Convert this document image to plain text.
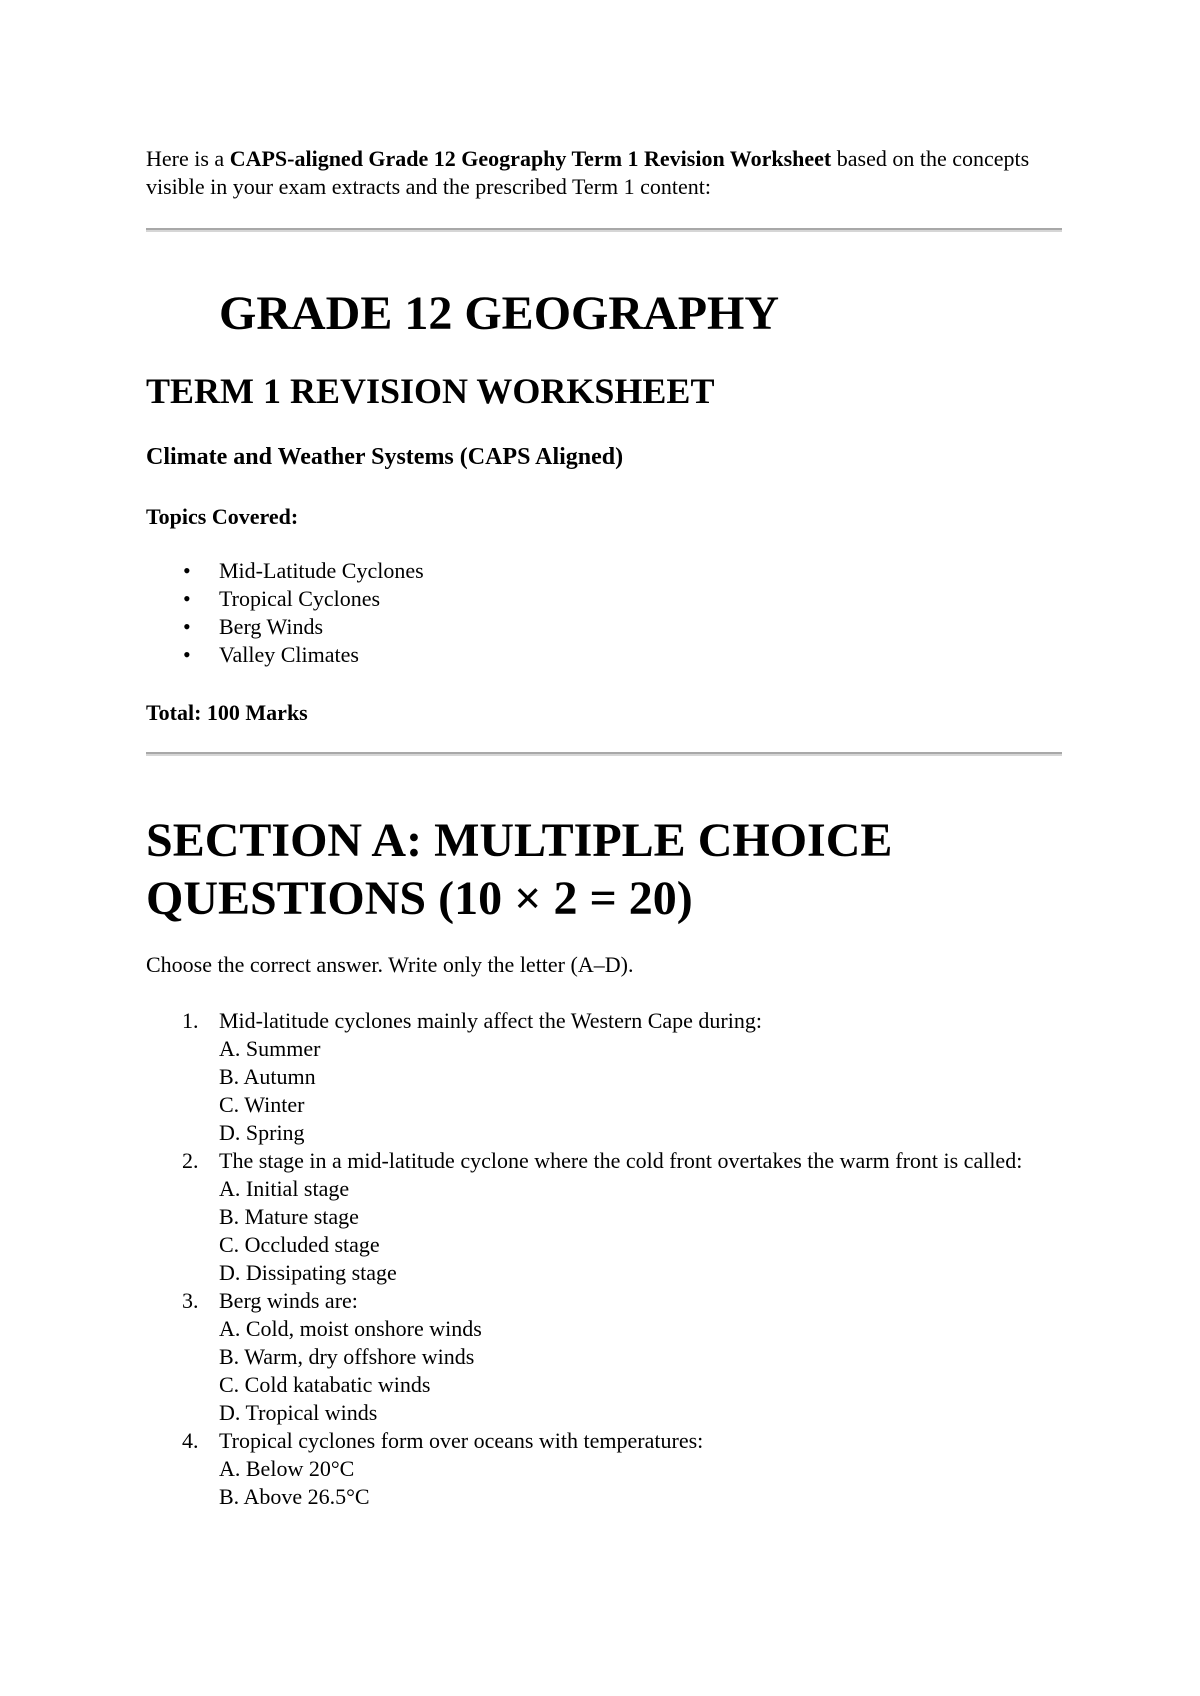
Here is a CAPS-aligned Grade 12 Geography Term 1 Revision Worksheet based on the concepts visible in your exam extracts and the prescribed Term 1 content:
GRADE 12 GEOGRAPHY
TERM 1 REVISION WORKSHEET
Climate and Weather Systems (CAPS Aligned)
Topics Covered:
• Mid-Latitude Cyclones
• Tropical Cyclones
• Berg Winds
• Valley Climates
Total: 100 Marks
SECTION A: MULTIPLE CHOICE QUESTIONS (10 × 2 = 20)
Choose the correct answer. Write only the letter (A–D).
1. Mid-latitude cyclones mainly affect the Western Cape during:
A. Summer
B. Autumn
C. Winter
D. Spring
2. The stage in a mid-latitude cyclone where the cold front overtakes the warm front is called:
A. Initial stage
B. Mature stage
C. Occluded stage
D. Dissipating stage
3. Berg winds are:
A. Cold, moist onshore winds
B. Warm, dry offshore winds
C. Cold katabatic winds
D. Tropical winds
4. Tropical cyclones form over oceans with temperatures:
A. Below 20°C
B. Above 26.5°C
